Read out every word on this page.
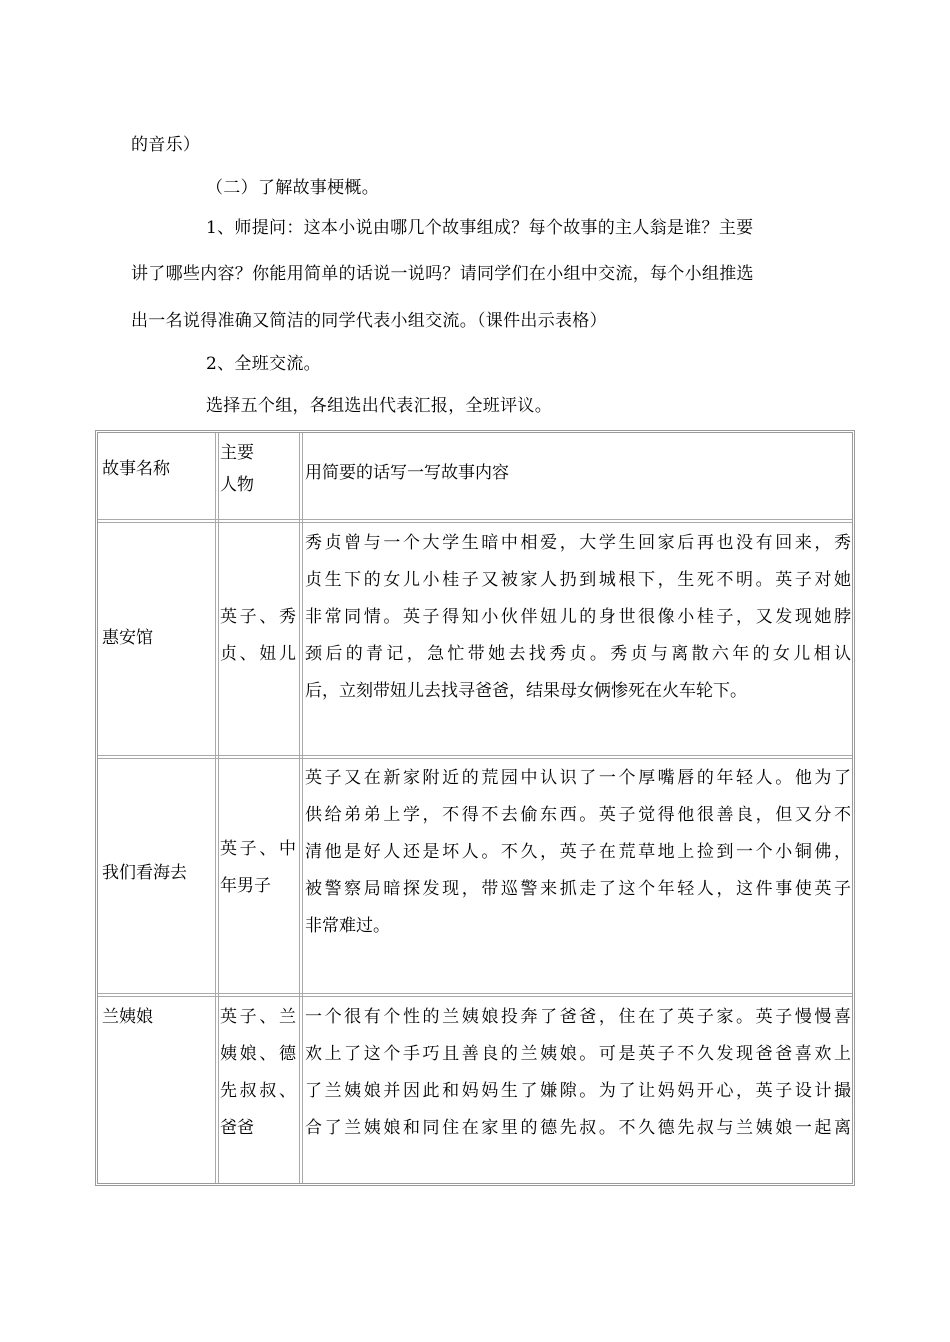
的音乐）
（二）了解故事梗概。
1、师提问：这本小说由哪几个故事组成？每个故事的主人翁是谁？主要
讲了哪些内容？你能用简单的话说一说吗？请同学们在小组中交流，每个小组推选
出一名说得准确又简洁的同学代表小组交流。（课件出示表格）
2、全班交流。
选择五个组，各组选出代表汇报，全班评议。
故事名称
主要
人物
用简要的话写一写故事内容
惠安馆
英子、秀
贞、妞儿
秀贞曾与一个大学生暗中相爱，大学生回家后再也没有回来，秀
贞生下的女儿小桂子又被家人扔到城根下，生死不明。英子对她
非常同情。英子得知小伙伴妞儿的身世很像小桂子，又发现她脖
颈后的青记，急忙带她去找秀贞。秀贞与离散六年的女儿相认
后，立刻带妞儿去找寻爸爸，结果母女俩惨死在火车轮下。
我们看海去
英子、中
年男子
英子又在新家附近的荒园中认识了一个厚嘴唇的年轻人。他为了
供给弟弟上学，不得不去偷东西。英子觉得他很善良，但又分不
清他是好人还是坏人。不久，英子在荒草地上捡到一个小铜佛，
被警察局暗探发现，带巡警来抓走了这个年轻人，这件事使英子
非常难过。
兰姨娘	英子、兰
姨娘、德
先叔叔、
爸爸
一个很有个性的兰姨娘投奔了爸爸，住在了英子家。英子慢慢喜
欢上了这个手巧且善良的兰姨娘。可是英子不久发现爸爸喜欢上
了兰姨娘并因此和妈妈生了嫌隙。为了让妈妈开心，英子设计撮
合了兰姨娘和同住在家里的德先叔。不久德先叔与兰姨娘一起离
